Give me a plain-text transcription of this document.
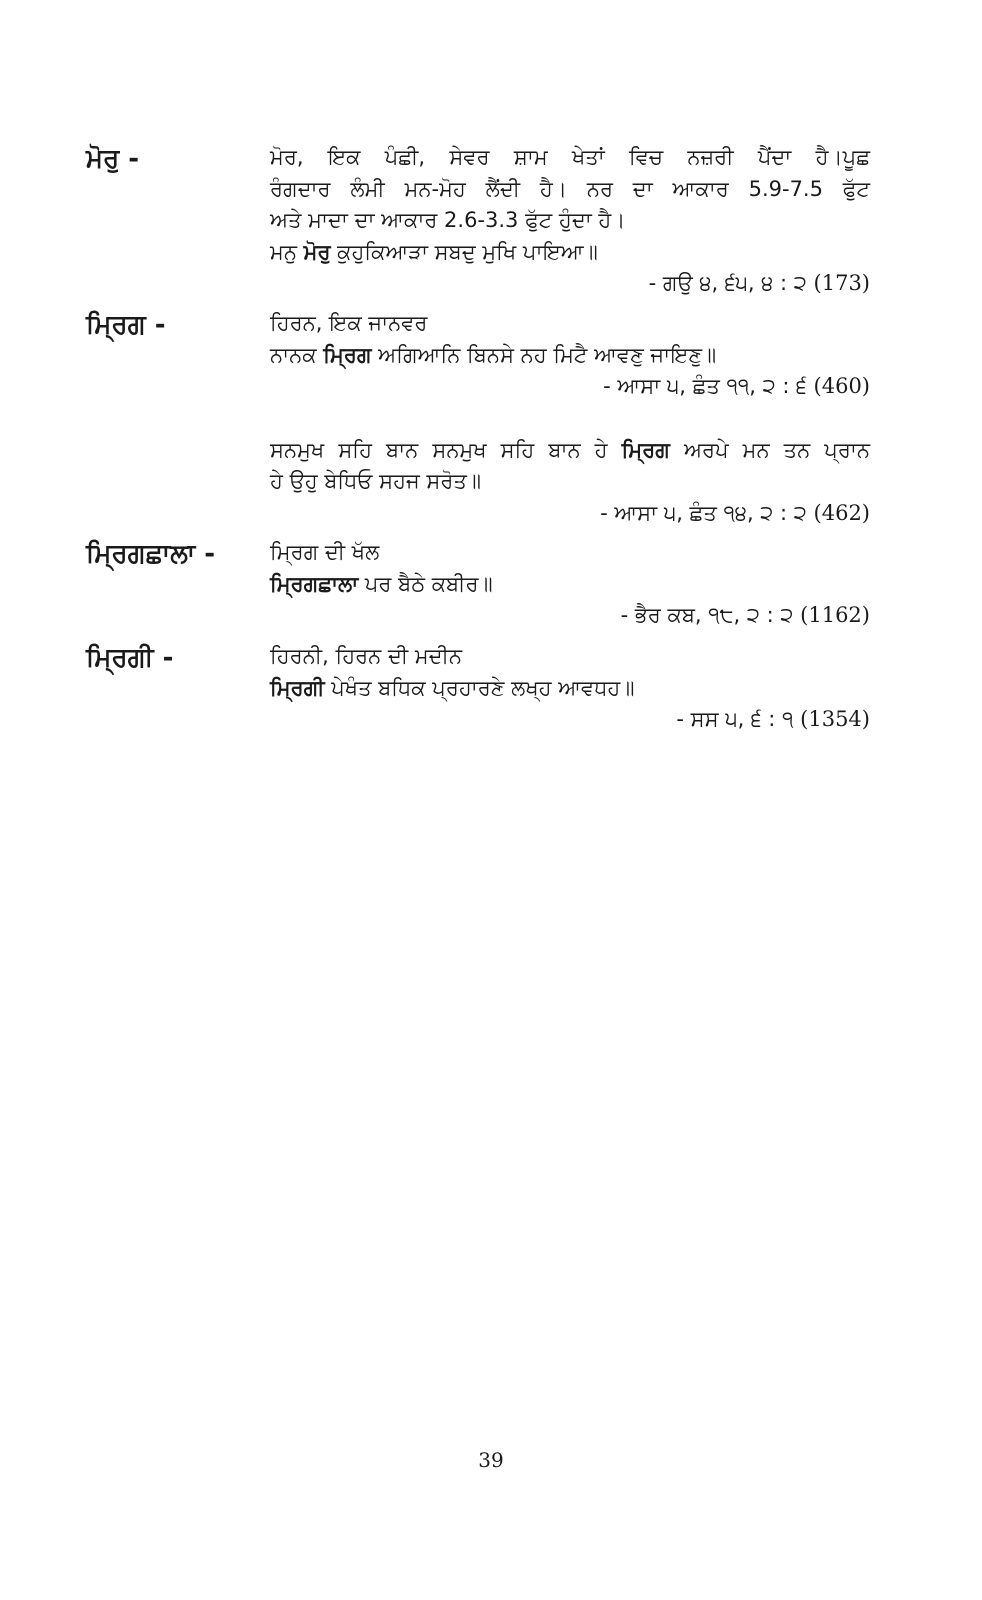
ਮੋਰੁ -	ਮੋਰ, ਇਕ ਪੰਛੀ, ਸੇਵਰ ਸ਼ਾਮ ਖੇਤਾਂ ਵਿਚ ਨਜ਼ਰੀ ਪੈਂਦਾ ਹੈ।ਪੂਛ
ਰੰਗਦਾਰ ਲੰਮੀ ਮਨ-ਮੋਹ ਲੈਂਦੀ ਹੈ। ਨਰ ਦਾ ਆਕਾਰ 5.9-7.5 ਫੁੱਟ
ਅਤੇ ਮਾਦਾ ਦਾ ਆਕਾਰ 2.6-3.3 ਫੁੱਟ ਹੁੰਦਾ ਹੈ।
ਮਨੁ ਮੋਰੁ ਕੁਹੁਕਿਆੜਾ ਸਬਦੁ ਮੁਖਿ ਪਾਇਆ॥
- ਗਉ ੪, ੬੫, ੪ : ੨ (173)
ਮ੍ਰਿਗ -	ਹਿਰਨ, ਇਕ ਜਾਨਵਰ
ਨਾਨਕ ਮ੍ਰਿਗ ਅਗਿਆਨਿ ਬਿਨਸੇ ਨਹ ਮਿਟੈ ਆਵਣੁ ਜਾਇਣੁ॥
- ਆਸਾ ੫, ਛੰਤ ੧੧, ੨ : ੬ (460)
ਸਨਮੁਖ ਸਹਿ ਬਾਨ ਸਨਮੁਖ ਸਹਿ ਬਾਨ ਹੇ ਮ੍ਰਿਗ ਅਰਪੇ ਮਨ ਤਨ ਪ੍ਰਾਨ
ਹੇ ਉਹੁ ਬੇਧਿਓ ਸਹਜ ਸਰੋਤ॥
- ਆਸਾ ੫, ਛੰਤ ੧੪, ੨ : ੨ (462)
ਮ੍ਰਿਗਛਾਲਾ -	ਮ੍ਰਿਗ ਦੀ ਖੱਲ
ਮ੍ਰਿਗਛਾਲਾ ਪਰ ਬੈਠੇ ਕਬੀਰ॥
- ਭੈਰ ਕਬ, ੧੮, ੨ : ੨ (1162)
ਮ੍ਰਿਗੀ -	ਹਿਰਨੀ, ਹਿਰਨ ਦੀ ਮਦੀਨ
ਮ੍ਰਿਗੀ ਪੇਖੰਤ ਬਧਿਕ ਪ੍ਰਹਾਰਣੇ ਲਖ੍ਹ ਆਵਧਹ॥
- ਸਸ ੫, ੬ : ੧ (1354)
39
